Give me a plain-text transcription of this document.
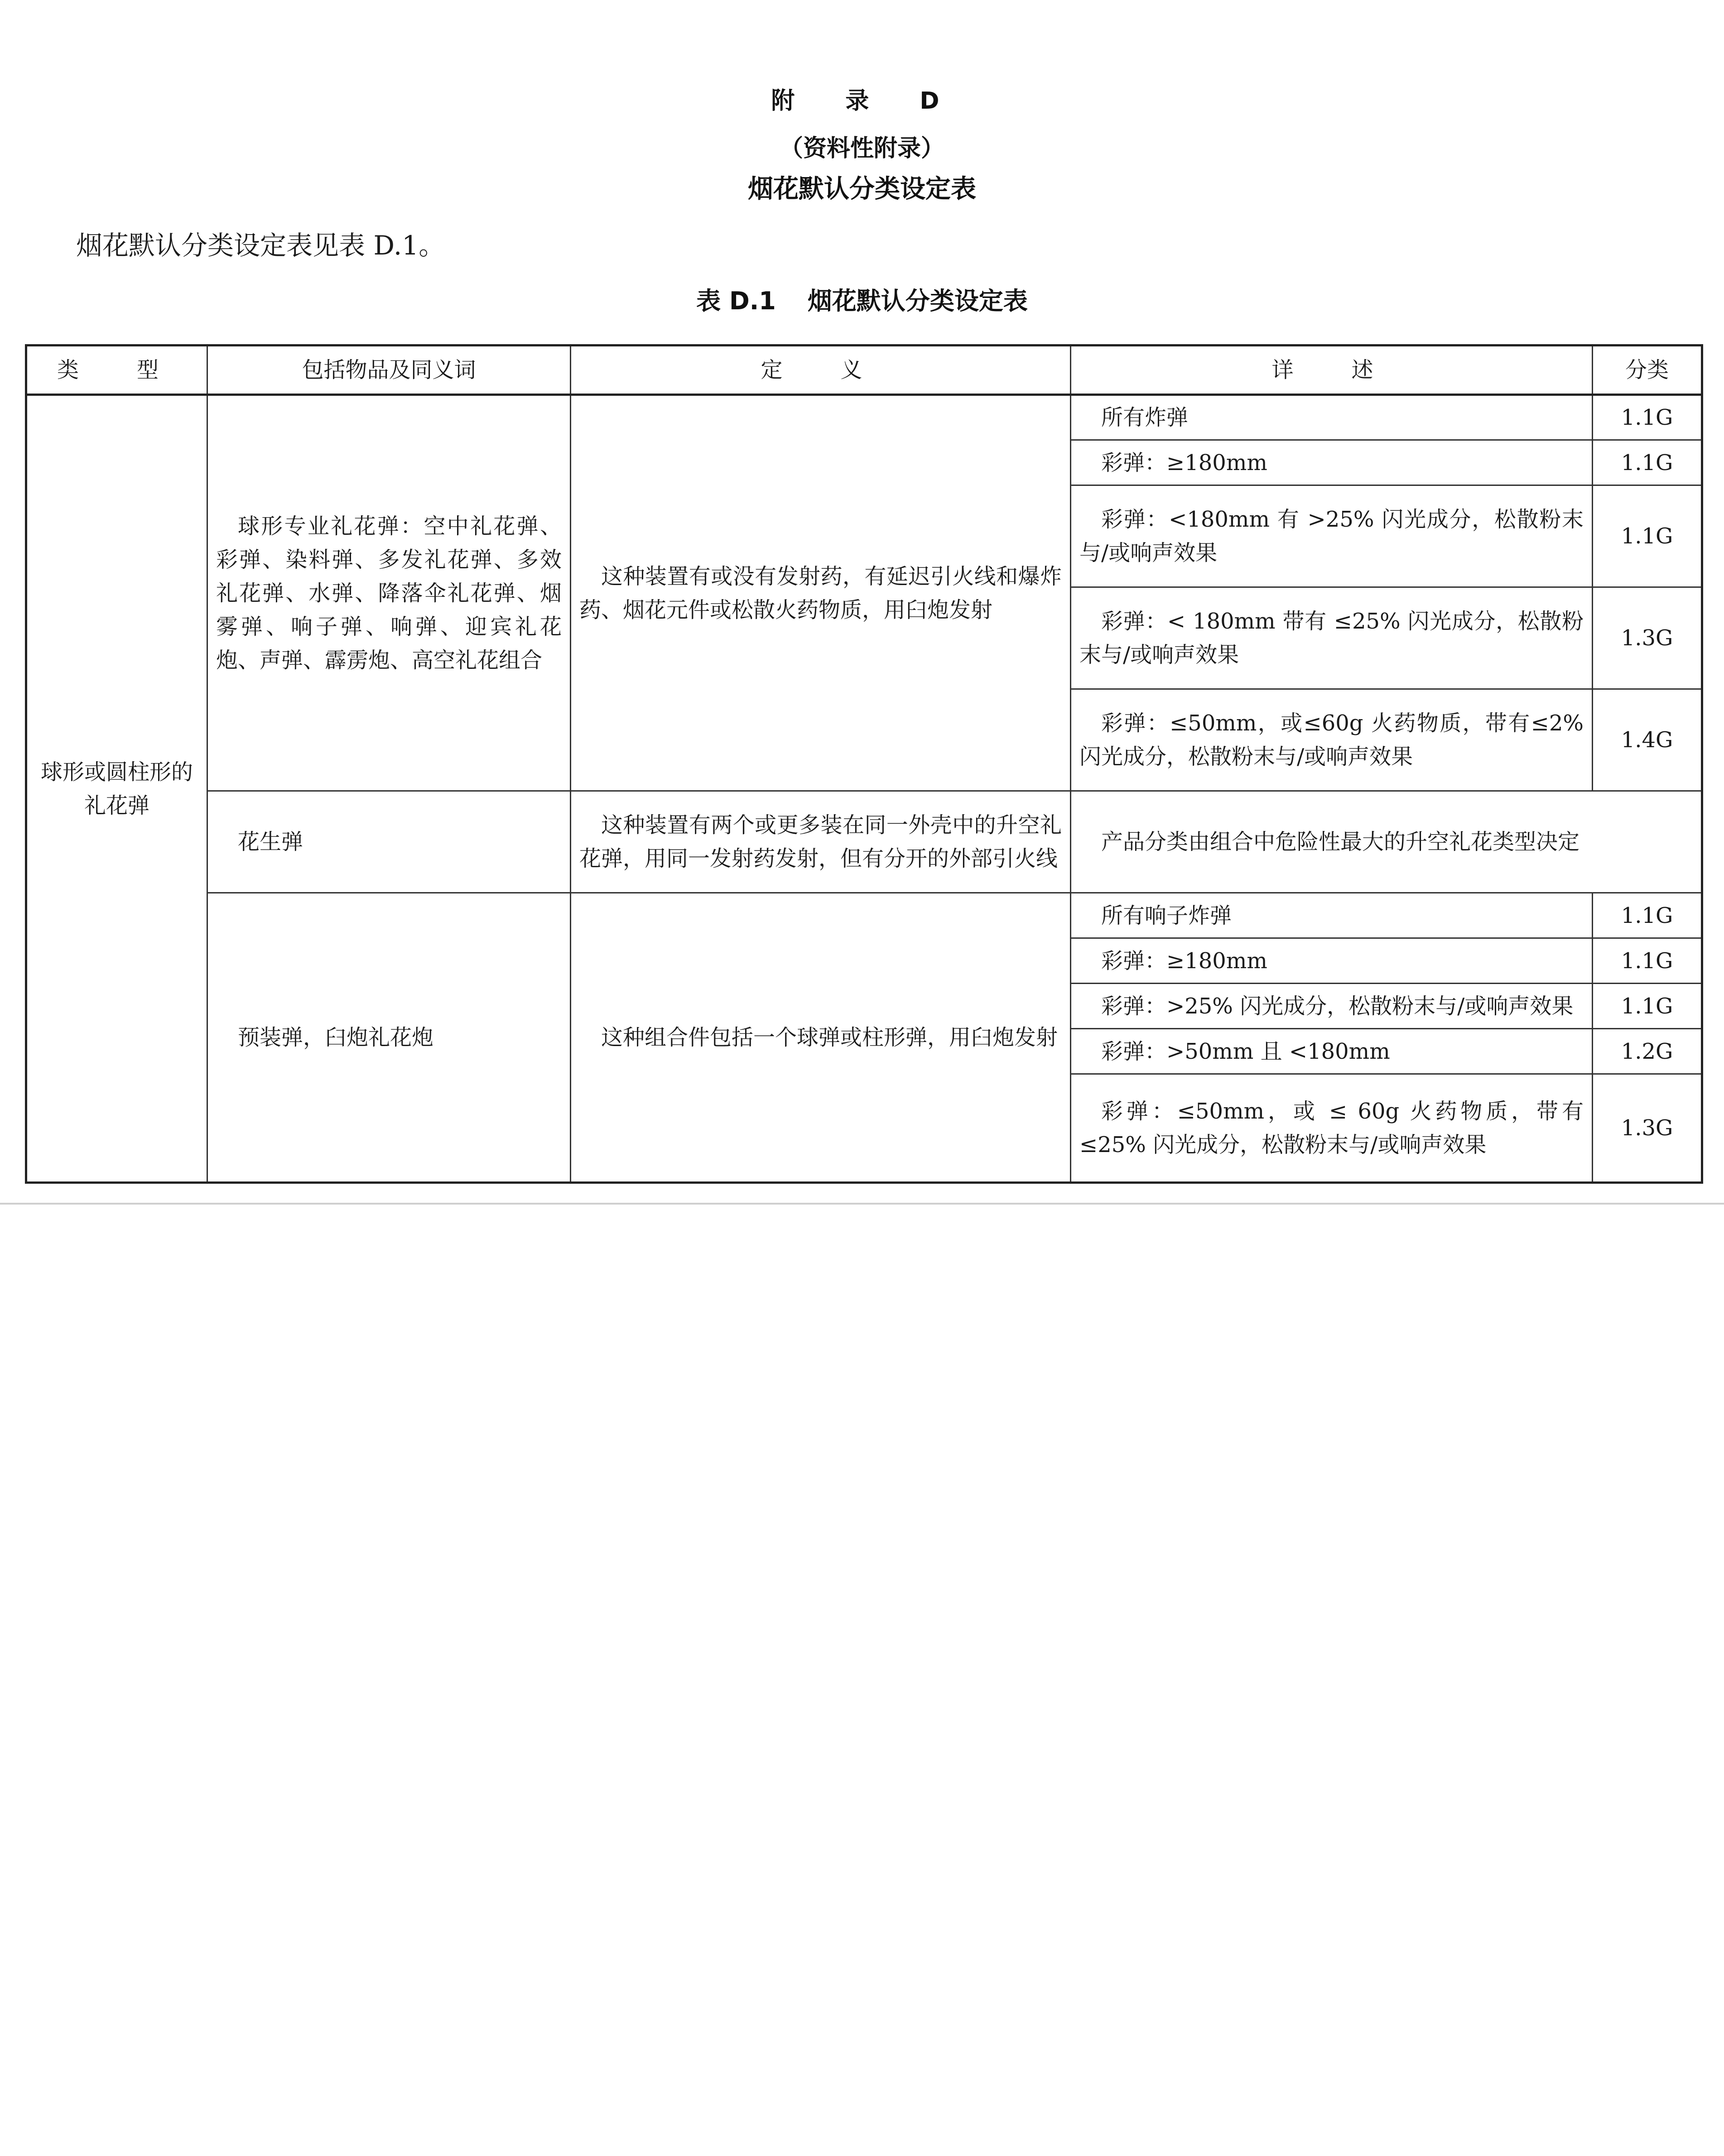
附　录　D
（资料性附录）
烟花默认分类设定表
烟花默认分类设定表见表 D.1。
表 D.1 烟花默认分类设定表
类　型	包括物品及同义词	定　义	详　述	分类
球形或圆柱形的礼花弹	球形专业礼花弹：空中礼花弹、彩弹、染料弹、多发礼花弹、多效礼花弹、水弹、降落伞礼花弹、烟雾弹、响子弹、响弹、迎宾礼花炮、声弹、霹雳炮、高空礼花组合	这种装置有或没有发射药，有延迟引火线和爆炸药、烟花元件或松散火药物质，用臼炮发射	所有炸弹	1.1G
			彩弹：≥180mm	1.1G
			彩弹：<180mm 有 >25% 闪光成分，松散粉末与/或响声效果	1.1G
			彩弹：< 180mm 带有 ≤25% 闪光成分，松散粉末与/或响声效果	1.3G
			彩弹：≤50mm，或≤60g 火药物质，带有≤2% 闪光成分，松散粉末与/或响声效果	1.4G
	花生弹	这种装置有两个或更多装在同一外壳中的升空礼花弹，用同一发射药发射，但有分开的外部引火线	产品分类由组合中危险性最大的升空礼花类型决定	
	预装弹，臼炮礼花炮	这种组合件包括一个球弹或柱形弹，用臼炮发射	所有响子炸弹	1.1G
			彩弹：≥180mm	1.1G
			彩弹：>25% 闪光成分，松散粉末与/或响声效果	1.1G
			彩弹：>50mm 且 <180mm	1.2G
			彩弹：≤50mm，或 ≤ 60g 火药物质，带有 ≤25% 闪光成分，松散粉末与/或响声效果	1.3G
